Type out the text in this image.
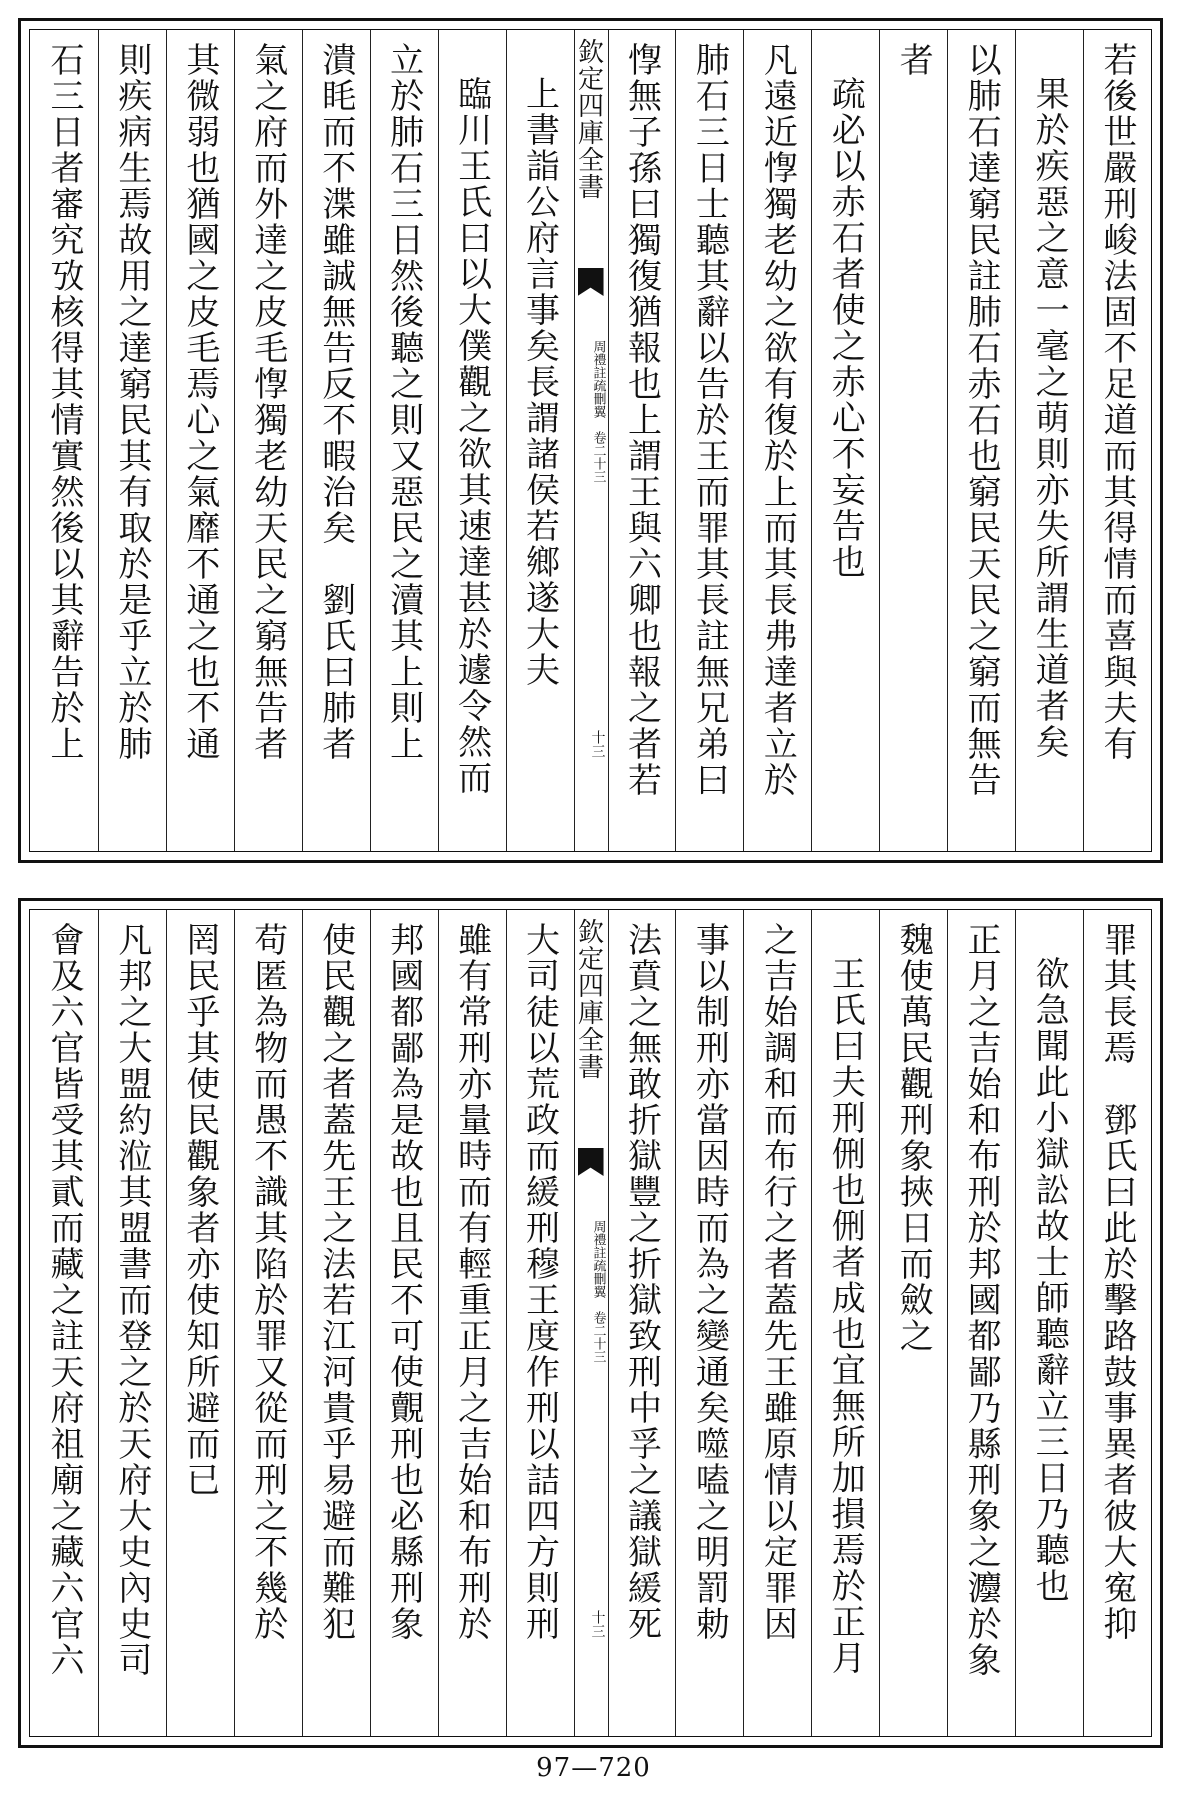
若後世嚴刑峻法固不足道而其得情而喜與夫有
果於疾惡之意一毫之萌則亦失所謂生道者矣
以肺石達窮民註肺石赤石也窮民天民之窮而無告
者
疏必以赤石者使之赤心不妄告也
凡遠近惸獨老幼之欲有復於上而其長弗達者立於
肺石三日士聽其辭以告於王而罪其長註無兄弟曰
惸無子孫曰獨復猶報也上謂王與六卿也報之者若
欽定四庫全書
周禮註疏刪翼　卷二十三
十三
上書詣公府言事矣長謂諸侯若鄉遂大夫
臨川王氏曰以大僕觀之欲其速達甚於遽令然而
立於肺石三日然後聽之則又惡民之瀆其上則上
潰眊而不渫雖誠無告反不暇治矣　劉氏曰肺者
氣之府而外達之皮毛惸獨老幼天民之窮無告者
其微弱也猶國之皮毛焉心之氣靡不通之也不通
則疾病生焉故用之達窮民其有取於是乎立於肺
石三日者審究攷核得其情實然後以其辭告於上
罪其長焉　鄧氏曰此於擊路鼓事異者彼大寃抑
欲急聞此小獄訟故士師聽辭立三日乃聽也
正月之吉始和布刑於邦國都鄙乃縣刑象之灋於象
魏使萬民觀刑象挾日而斂之
王氏曰夫刑侀也侀者成也宜無所加損焉於正月
之吉始調和而布行之者蓋先王雖原情以定罪因
事以制刑亦當因時而為之變通矣噬嗑之明罰勅
法賁之無敢折獄豐之折獄致刑中孚之議獄緩死
欽定四庫全書
周禮註疏刪翼　卷二十三
十三
大司徒以荒政而緩刑穆王度作刑以詰四方則刑
雖有常刑亦量時而有輕重正月之吉始和布刑於
邦國都鄙為是故也且民不可使覿刑也必縣刑象
使民觀之者蓋先王之法若江河貴乎易避而難犯
苟匿為物而愚不識其陷於罪又從而刑之不幾於
罔民乎其使民觀象者亦使知所避而已
凡邦之大盟約涖其盟書而登之於天府大史內史司
會及六官皆受其貳而藏之註天府祖廟之藏六官六
97—720
